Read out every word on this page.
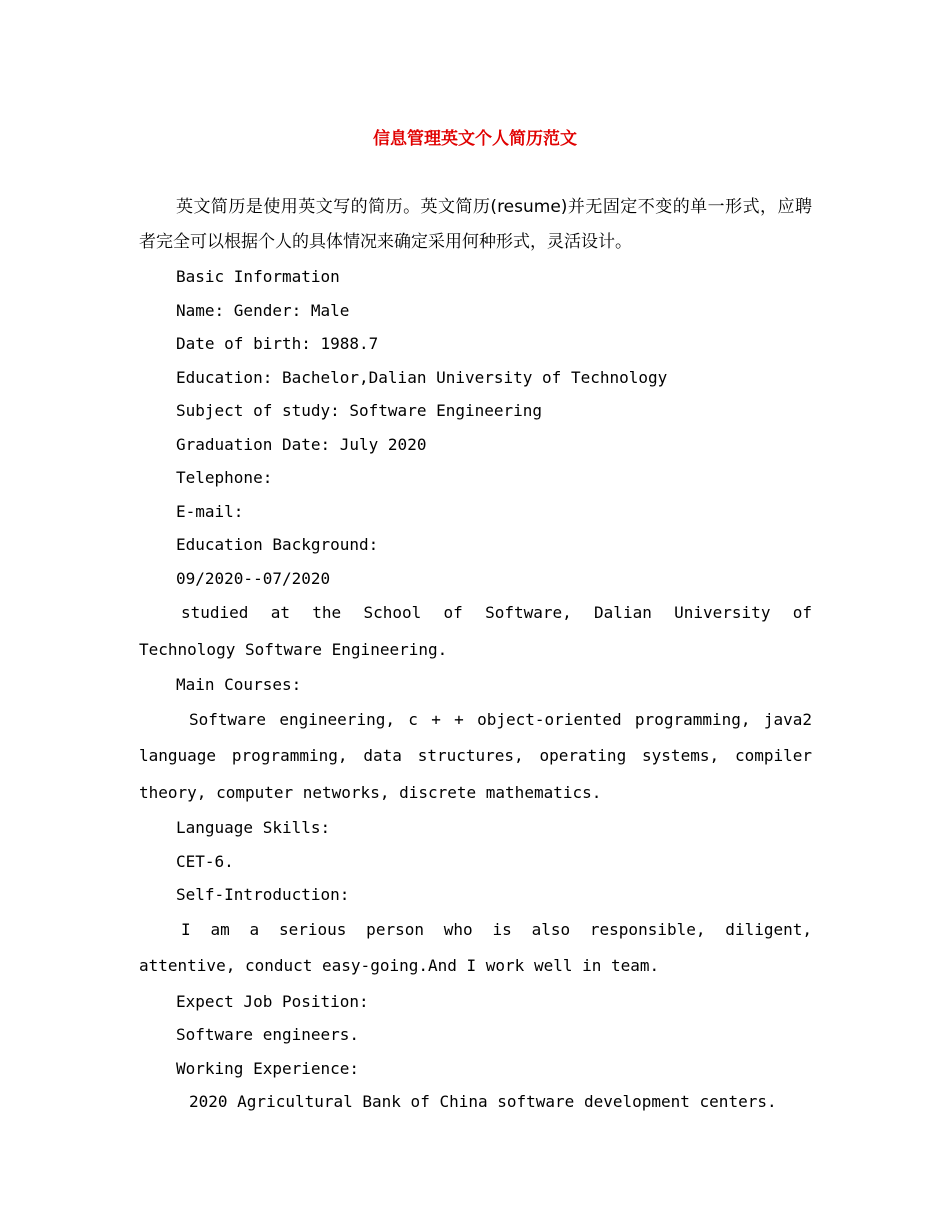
信息管理英文个人简历范文

英文简历是使用英文写的简历。英文简历(resume)并无固定不变的单一形式，应聘者完全可以根据个人的具体情况来确定采用何种形式，灵活设计。

Basic Information

Name: Gender: Male

Date of birth: 1988.7

Education: Bachelor,Dalian University of Technology

Subject of study: Software Engineering

Graduation Date: July 2020

Telephone:

E-mail:

Education Background:

09/2020--07/2020

studied at the School of Software, Dalian University of Technology Software Engineering.

Main Courses:

Software engineering, c + + object-oriented programming, java2 language programming, data structures, operating systems, compiler theory, computer networks, discrete mathematics.

Language Skills:

CET-6.

Self-Introduction:

I am a serious person who is also responsible, diligent, attentive, conduct easy-going.And I work well in team.

Expect Job Position:

Software engineers.

Working Experience:

2020 Agricultural Bank of China software development centers.
